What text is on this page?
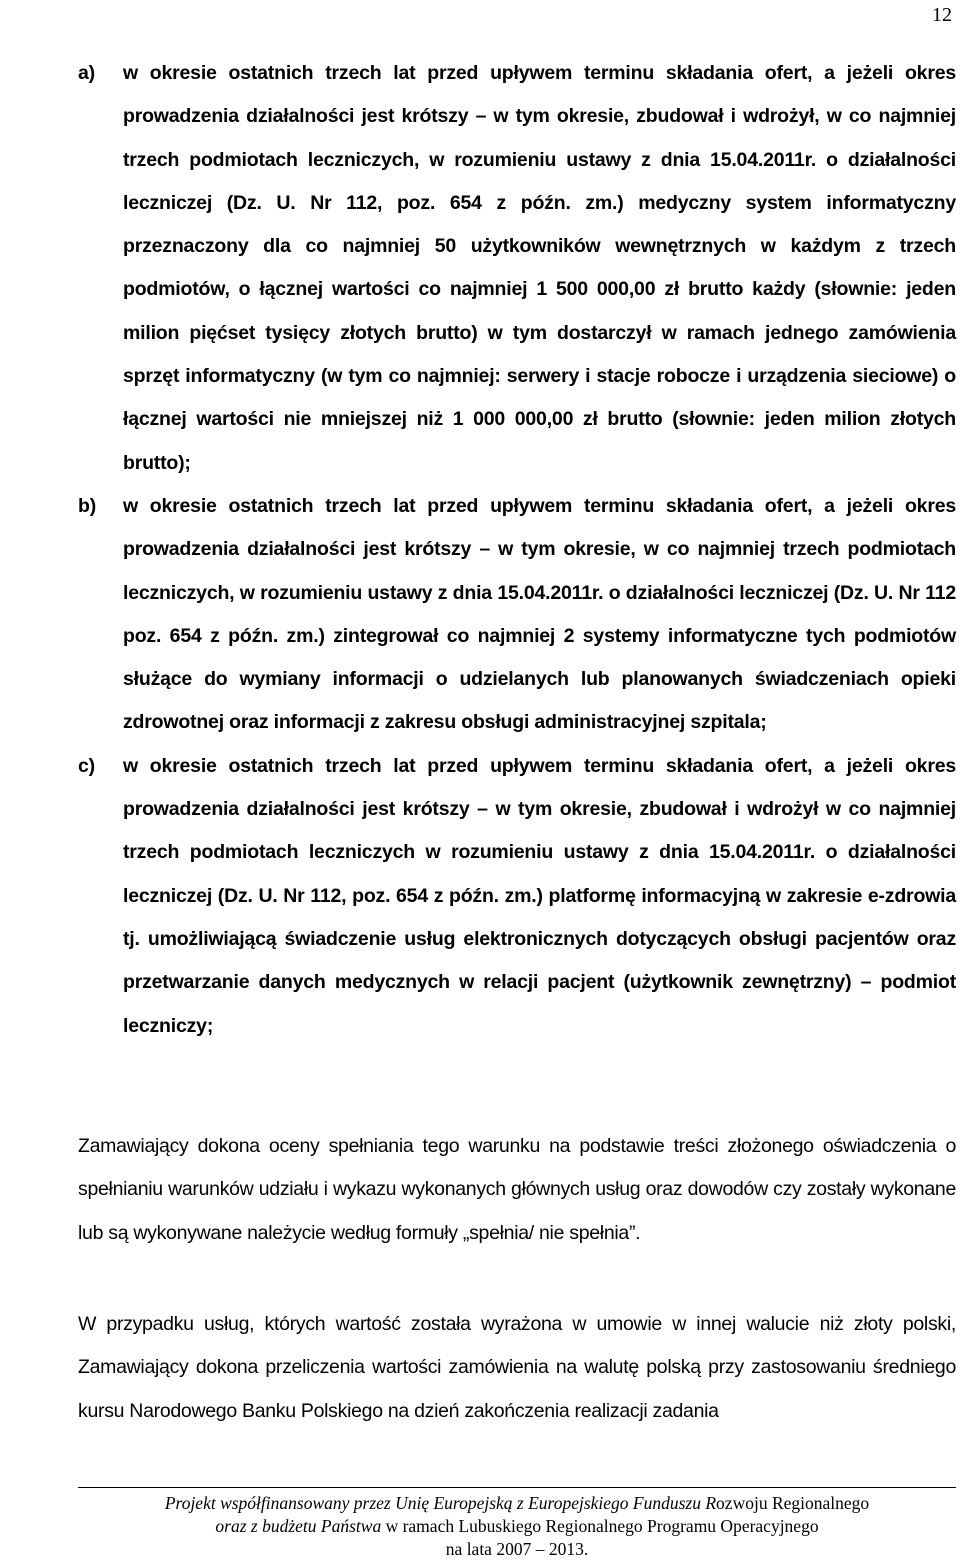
12
a)	w okresie ostatnich trzech lat przed upływem terminu składania ofert, a jeżeli okres prowadzenia działalności jest krótszy – w tym okresie, zbudował i wdrożył, w co najmniej trzech podmiotach leczniczych, w rozumieniu ustawy z dnia 15.04.2011r. o działalności leczniczej (Dz. U. Nr 112, poz. 654 z późn. zm.) medyczny system informatyczny przeznaczony dla co najmniej 50 użytkowników wewnętrznych w każdym z trzech podmiotów, o łącznej wartości co najmniej 1 500 000,00 zł brutto każdy (słownie: jeden milion pięćset tysięcy złotych brutto) w tym dostarczył w ramach jednego zamówienia sprzęt informatyczny (w tym co najmniej: serwery i stacje robocze i urządzenia sieciowe) o łącznej wartości nie mniejszej niż 1 000 000,00 zł brutto (słownie: jeden milion złotych brutto);
b)	w okresie ostatnich trzech lat przed upływem terminu składania ofert, a jeżeli okres prowadzenia działalności jest krótszy – w tym okresie, w co najmniej trzech podmiotach leczniczych, w rozumieniu ustawy z dnia 15.04.2011r. o działalności leczniczej (Dz. U. Nr 112 poz. 654 z późn. zm.) zintegrował co najmniej 2 systemy informatyczne tych podmiotów służące do wymiany informacji o udzielanych lub planowanych świadczeniach opieki zdrowotnej oraz informacji z zakresu obsługi administracyjnej szpitala;
c)	w okresie ostatnich trzech lat przed upływem terminu składania ofert, a jeżeli okres prowadzenia działalności jest krótszy – w tym okresie, zbudował i wdrożył w co najmniej trzech podmiotach leczniczych w rozumieniu ustawy z dnia 15.04.2011r. o działalności leczniczej (Dz. U. Nr 112, poz. 654 z późn. zm.) platformę informacyjną w zakresie e-zdrowia tj. umożliwiającą świadczenie usług elektronicznych dotyczących obsługi pacjentów oraz przetwarzanie danych medycznych w relacji pacjent (użytkownik zewnętrzny) – podmiot leczniczy;

Zamawiający dokona oceny spełniania tego warunku na podstawie treści złożonego oświadczenia o spełnianiu warunków udziału i wykazu wykonanych głównych usług oraz dowodów czy zostały wykonane lub są wykonywane należycie według formuły „spełnia/ nie spełnia”.

W przypadku usług, których wartość została wyrażona w umowie w innej walucie niż złoty polski, Zamawiający dokona przeliczenia wartości zamówienia na walutę polską przy zastosowaniu średniego kursu Narodowego Banku Polskiego na dzień zakończenia realizacji zadania

Projekt współfinansowany przez Unię Europejską z Europejskiego Funduszu Rozwoju Regionalnego
oraz z budżetu Państwa w ramach Lubuskiego Regionalnego Programu Operacyjnego
na lata 2007 – 2013.
